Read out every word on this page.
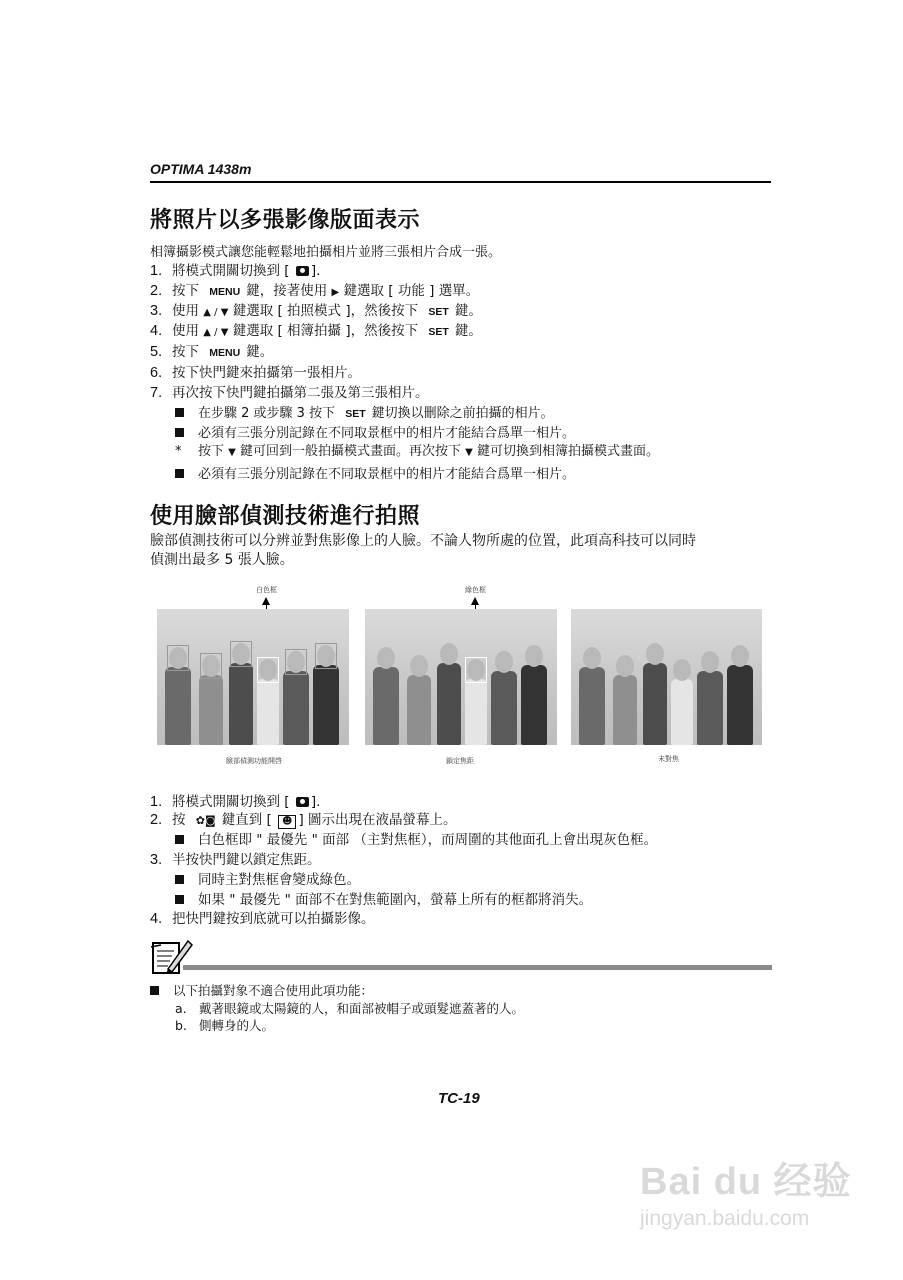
OPTIMA 1438m
將照片以多張影像版面表示
相簿攝影模式讓您能輕鬆地拍攝相片並將三張相片合成一張。
1. 將模式開關切換到 [ ].
2. 按下 MENU 鍵，接著使用 ▶ 鍵選取 [ 功能 ] 選單。
3. 使用 ▲ / ▼ 鍵選取 [ 拍照模式 ]，然後按下 SET 鍵。
4. 使用 ▲ / ▼ 鍵選取 [ 相簿拍攝 ]，然後按下 SET 鍵。
5. 按下 MENU 鍵。
6. 按下快門鍵來拍攝第一張相片。
7. 再次按下快門鍵拍攝第二張及第三張相片。
在步驟 2 或步驟 3 按下 SET 鍵切換以刪除之前拍攝的相片。
必須有三張分別記錄在不同取景框中的相片才能結合爲單一相片。
* 按下 ▼ 鍵可回到一般拍攝模式畫面。再次按下 ▼ 鍵可切換到相簿拍攝模式畫面。
必須有三張分別記錄在不同取景框中的相片才能結合爲單一相片。
使用臉部偵測技術進行拍照
臉部偵測技術可以分辨並對焦影像上的人臉。不論人物所處的位置，此項高科技可以同時
偵測出最多 5 張人臉。
白色框	綠色框
臉部偵測功能開啓	鎖定焦距	未對焦
1. 將模式開關切換到 [ ].
2. 按 ✿◙ 鍵直到 [ ☻ ] 圖示出現在液晶螢幕上。
白色框即 " 最優先 " 面部 （主對焦框），而周圍的其他面孔上會出現灰色框。
3. 半按快門鍵以鎖定焦距。
同時主對焦框會變成綠色。
如果 " 最優先 " 面部不在對焦範圍內，螢幕上所有的框都將消失。
4. 把快門鍵按到底就可以拍攝影像。
以下拍攝對象不適合使用此項功能：
a. 戴著眼鏡或太陽鏡的人，和面部被帽子或頭髮遮蓋著的人。
b. 側轉身的人。
TC-19
Bai du 经验
jingyan.baidu.com
